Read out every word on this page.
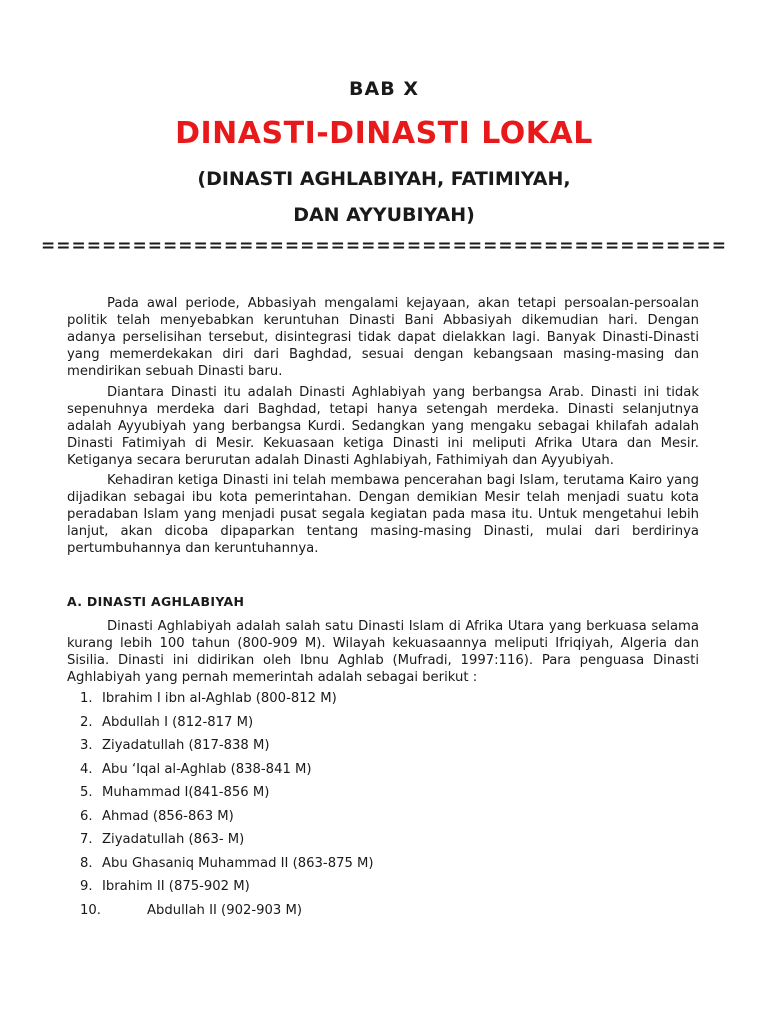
BAB X
DINASTI-DINASTI LOKAL
(DINASTI AGHLABIYAH, FATIMIYAH,
DAN AYYUBIYAH)
=============================================

Pada awal periode, Abbasiyah mengalami kejayaan, akan tetapi persoalan-persoalan politik telah menyebabkan keruntuhan Dinasti Bani Abbasiyah dikemudian hari. Dengan adanya perselisihan tersebut, disintegrasi tidak dapat dielakkan lagi. Banyak Dinasti-Dinasti yang memerdekakan diri dari Baghdad, sesuai dengan kebangsaan masing-masing dan mendirikan sebuah Dinasti baru.

Diantara Dinasti itu adalah Dinasti Aghlabiyah yang berbangsa Arab. Dinasti ini tidak sepenuhnya merdeka dari Baghdad, tetapi hanya setengah merdeka. Dinasti selanjutnya adalah Ayyubiyah yang berbangsa Kurdi. Sedangkan yang mengaku sebagai khilafah adalah Dinasti Fatimiyah di Mesir. Kekuasaan ketiga Dinasti ini meliputi Afrika Utara dan Mesir. Ketiganya secara berurutan adalah Dinasti Aghlabiyah, Fathimiyah dan Ayyubiyah.

Kehadiran ketiga Dinasti ini telah membawa pencerahan bagi Islam, terutama Kairo yang dijadikan sebagai ibu kota pemerintahan. Dengan demikian Mesir telah menjadi suatu kota peradaban Islam yang menjadi pusat segala kegiatan pada masa itu. Untuk mengetahui lebih lanjut, akan dicoba dipaparkan tentang masing-masing Dinasti, mulai dari berdirinya pertumbuhannya dan keruntuhannya.

A. DINASTI AGHLABIYAH

Dinasti Aghlabiyah adalah salah satu Dinasti Islam di Afrika Utara yang berkuasa selama kurang lebih 100 tahun (800-909 M). Wilayah kekuasaannya meliputi Ifriqiyah, Algeria dan Sisilia. Dinasti ini didirikan oleh Ibnu Aghlab (Mufradi, 1997:116). Para penguasa Dinasti Aghlabiyah yang pernah memerintah adalah sebagai berikut :

1. Ibrahim I ibn al-Aghlab (800-812 M)
2. Abdullah I (812-817 M)
3. Ziyadatullah (817-838 M)
4. Abu ‘Iqal al-Aghlab (838-841 M)
5. Muhammad I(841-856 M)
6. Ahmad (856-863 M)
7. Ziyadatullah (863- M)
8. Abu Ghasaniq Muhammad II (863-875 M)
9. Ibrahim II (875-902 M)
10.	Abdullah II (902-903 M)
